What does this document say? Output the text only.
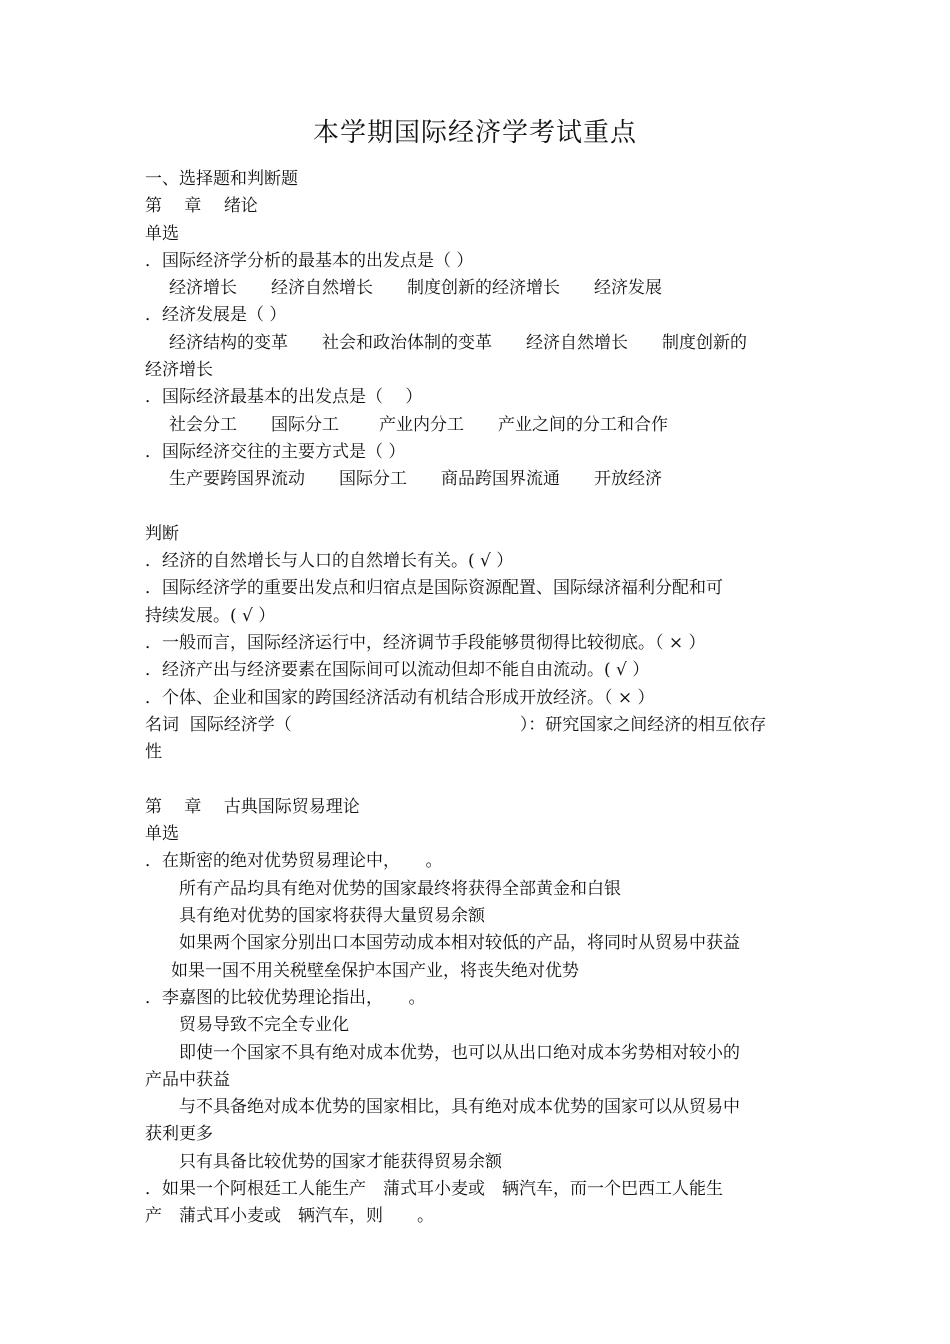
本学期国际经济学考试重点
一、选择题和判断题
第　 章　 绪论
单选
．国际经济学分析的最基本的出发点是（ ）
经济增长 经济自然增长 制度创新的经济增长 经济发展
．经济发展是（ ）
经济结构的变革 社会和政治体制的变革 经济自然增长 制度创新的
经济增长
．国际经济最基本的出发点是（　 ）
社会分工 国际分工 产业内分工 产业之间的分工和合作
．国际经济交往的主要方式是（ ）
生产要跨国界流动 国际分工 商品跨国界流通 开放经济
判断
．经济的自然增长与人口的自然增长有关。( √ ）
．国际经济学的重要出发点和归宿点是国际资源配置、国际绿济福利分配和可
持续发展。( √ ）
．一般而言，国际经济运行中，经济调节手段能够贯彻得比较彻底。（ × ）
．经济产出与经济要素在国际间可以流动但却不能自由流动。( √ ）
．个体、企业和国家的跨国经济活动有机结合形成开放经济。（ × ）
名词  国际经济学（	）：研究国家之间经济的相互依存
性
第　 章　 古典国际贸易理论
单选
．在斯密的绝对优势贸易理论中，　　。
所有产品均具有绝对优势的国家最终将获得全部黄金和白银
具有绝对优势的国家将获得大量贸易余额
如果两个国家分别出口本国劳动成本相对较低的产品，将同时从贸易中获益
如果一国不用关税壁垒保护本国产业，将丧失绝对优势
．李嘉图的比较优势理论指出，　　。
贸易导致不完全专业化
即使一个国家不具有绝对成本优势，也可以从出口绝对成本劣势相对较小的
产品中获益
与不具备绝对成本优势的国家相比，具有绝对成本优势的国家可以从贸易中
获利更多
只有具备比较优势的国家才能获得贸易余额
．如果一个阿根廷工人能生产　蒲式耳小麦或　辆汽车，而一个巴西工人能生
产　蒲式耳小麦或　辆汽车，则　　。
